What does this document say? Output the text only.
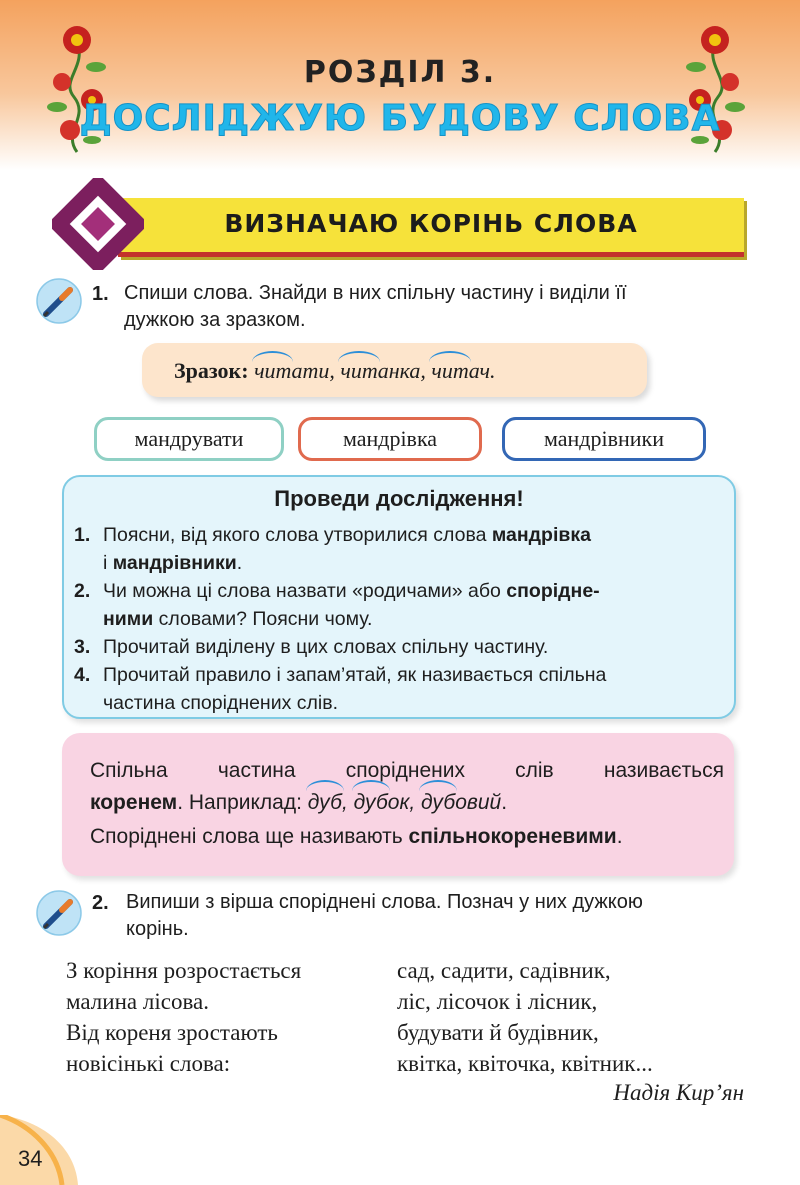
РОЗДІЛ 3.
ДОСЛІДЖУЮ БУДОВУ СЛОВА
ВИЗНАЧАЮ КОРІНЬ СЛОВА
1. Спиши слова. Знайди в них спільну частину і виділи її
дужкою за зразком.
Зразок: читати, читанка, читач.
мандрувати	мандрівка	мандрівники
Проведи дослідження!
1. Поясни, від якого слова утворилися слова мандрівка
і мандрівники.
2. Чи можна ці слова назвати «родичами» або спорідне-
ними словами? Поясни чому.
3. Прочитай виділену в цих словах спільну частину.
4. Прочитай правило і запам’ятай, як називається спільна
частина споріднених слів.
Спільна частина споріднених слів називається
коренем. Наприклад: дуб, дубок, дубовий.
Споріднені слова ще називають спільнокореневими.
2. Випиши з вірша споріднені слова. Познач у них дужкою
корінь.
З коріння розростається
малина лісова.
Від кореня зростають
новісінькі слова:
сад, садити, садівник,
ліс, лісочок і лісник,
будувати й будівник,
квітка, квіточка, квітник...
Надія Кир’ян
34
